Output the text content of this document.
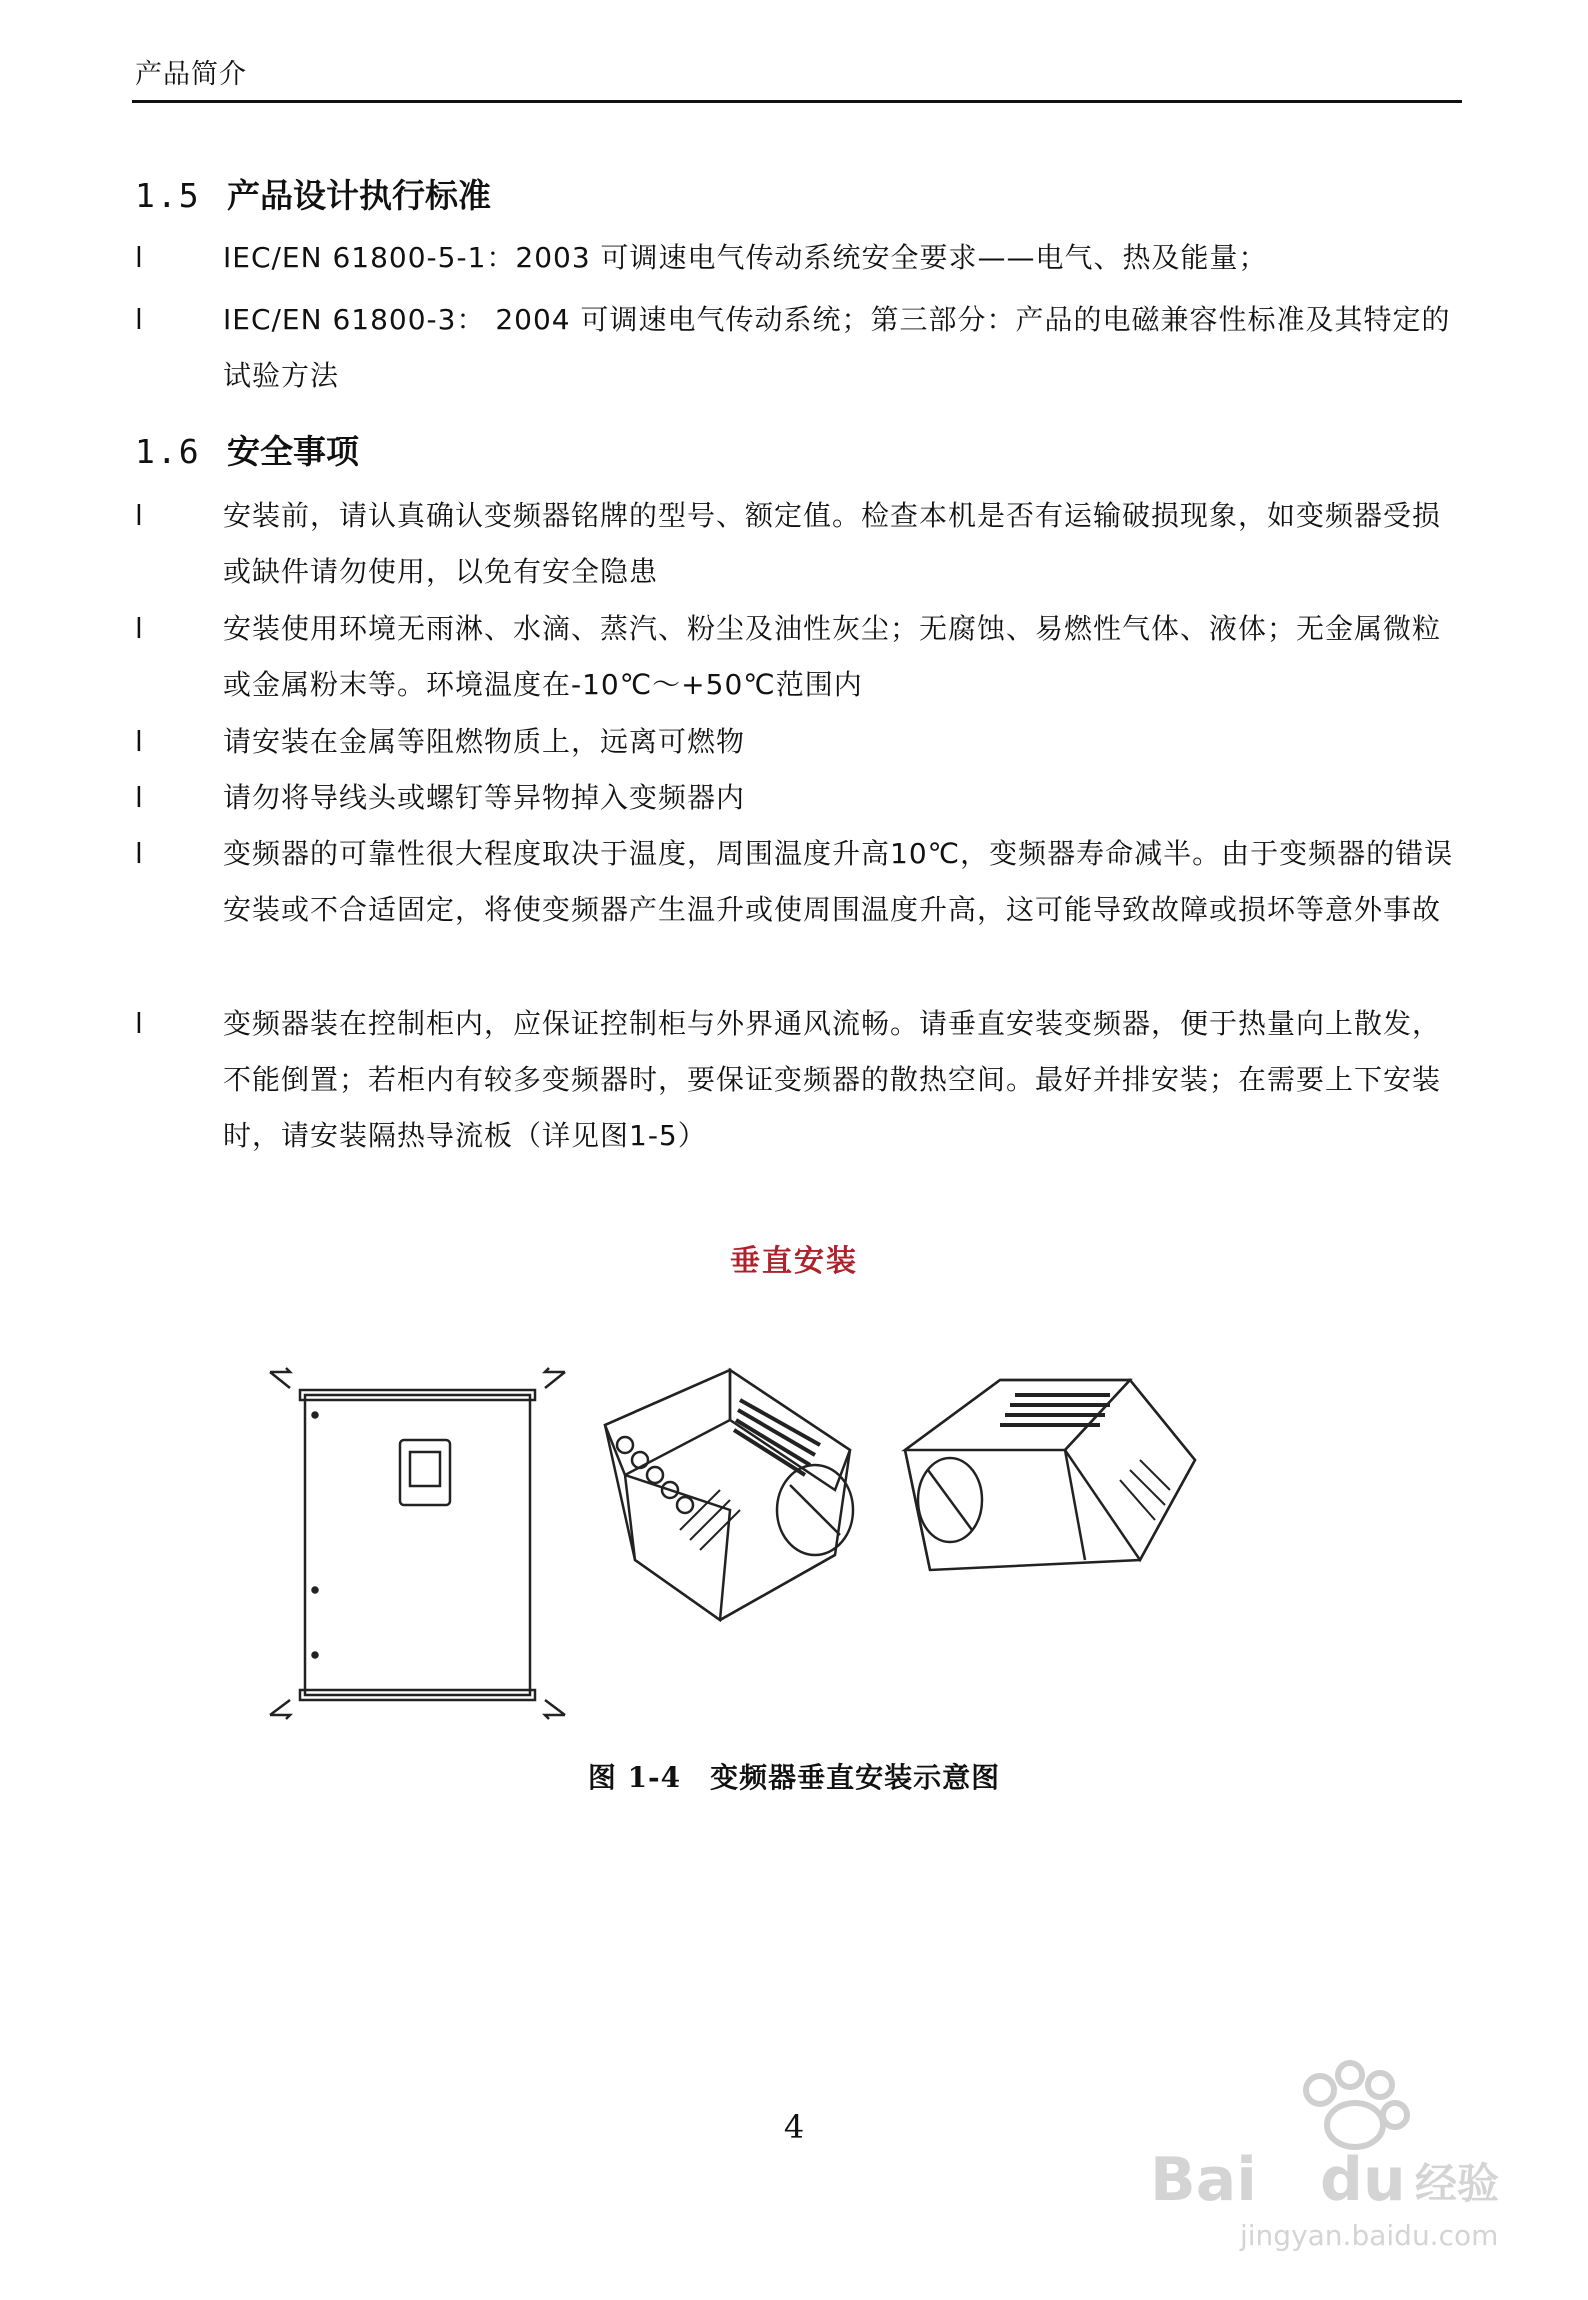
产品简介
1.5 产品设计执行标准
l	IEC/EN 61800-5-1：2003 可调速电气传动系统安全要求——电气、热及能量；
l	IEC/EN 61800-3： 2004 可调速电气传动系统；第三部分：产品的电磁兼容性标准及其特定的试验方法
1.6 安全事项
l	安装前，请认真确认变频器铭牌的型号、额定值。检查本机是否有运输破损现象，如变频器受损或缺件请勿使用，以免有安全隐患
l	安装使用环境无雨淋、水滴、蒸汽、粉尘及油性灰尘；无腐蚀、易燃性气体、液体；无金属微粒或金属粉末等。环境温度在-10℃～+50℃范围内
l	请安装在金属等阻燃物质上，远离可燃物
l	请勿将导线头或螺钉等异物掉入变频器内
l	变频器的可靠性很大程度取决于温度，周围温度升高10℃，变频器寿命减半。由于变频器的错误安装或不合适固定，将使变频器产生温升或使周围温度升高，这可能导致故障或损坏等意外事故
l	变频器装在控制柜内，应保证控制柜与外界通风流畅。请垂直安装变频器，便于热量向上散发，不能倒置；若柜内有较多变频器时，要保证变频器的散热空间。最好并排安装；在需要上下安装时，请安装隔热导流板（详见图1-5）
垂直安装
图 1-4　变频器垂直安装示意图
4
Bai du 经验
jingyan.baidu.com
